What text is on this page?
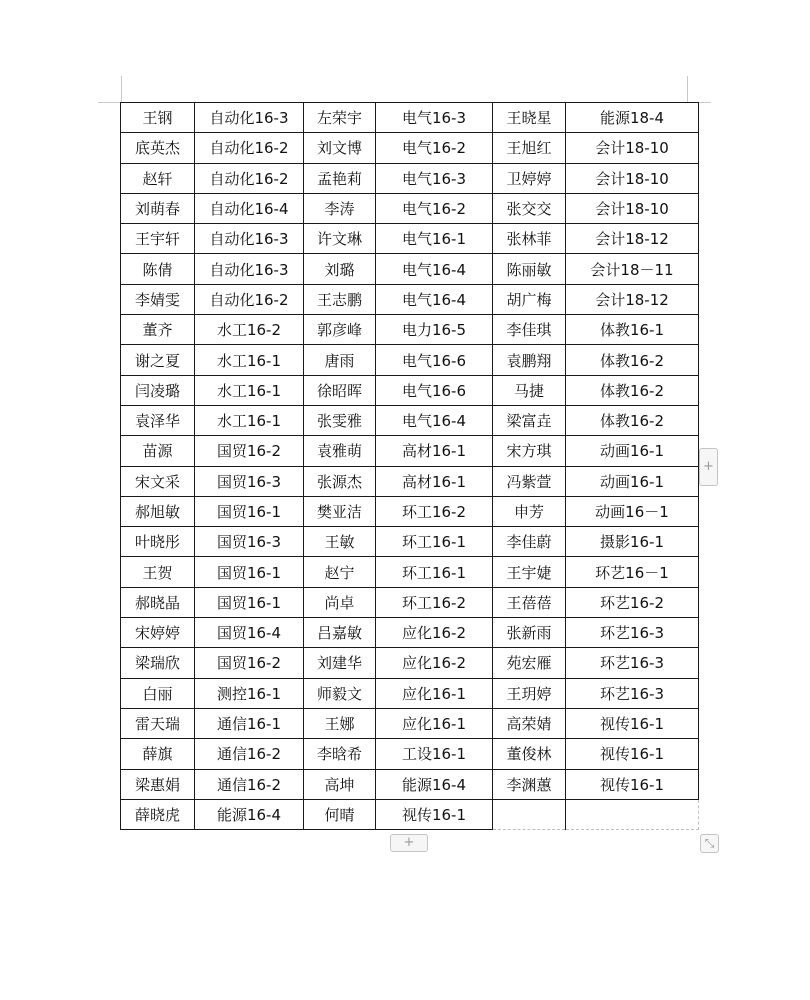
王钢	自动化16-3	左荣宇	电气16-3	王晓星	能源18-4
底英杰	自动化16-2	刘文博	电气16-2	王旭红	会计18-10
赵轩	自动化16-2	孟艳莉	电气16-3	卫婷婷	会计18-10
刘萌春	自动化16-4	李涛	电气16-2	张交交	会计18-10
王宇轩	自动化16-3	许文琳	电气16-1	张林菲	会计18-12
陈倩	自动化16-3	刘璐	电气16-4	陈丽敏	会计18－11
李婧雯	自动化16-2	王志鹏	电气16-4	胡广梅	会计18-12
董齐	水工16-2	郭彦峰	电力16-5	李佳琪	体教16-1
谢之夏	水工16-1	唐雨	电气16-6	袁鹏翔	体教16-2
闫凌璐	水工16-1	徐昭晖	电气16-6	马捷	体教16-2
袁泽华	水工16-1	张雯雅	电气16-4	梁富垚	体教16-2
苗源	国贸16-2	袁雅萌	高材16-1	宋方琪	动画16-1
宋文采	国贸16-3	张源杰	高材16-1	冯紫萱	动画16-1
郝旭敏	国贸16-1	樊亚洁	环工16-2	申芳	动画16－1
叶晓彤	国贸16-3	王敏	环工16-1	李佳蔚	摄影16-1
王贺	国贸16-1	赵宁	环工16-1	王宇婕	环艺16－1
郝晓晶	国贸16-1	尚卓	环工16-2	王蓓蓓	环艺16-2
宋婷婷	国贸16-4	吕嘉敏	应化16-2	张新雨	环艺16-3
梁瑞欣	国贸16-2	刘建华	应化16-2	苑宏雁	环艺16-3
白丽	测控16-1	师毅文	应化16-1	王玥婷	环艺16-3
雷天瑞	通信16-1	王娜	应化16-1	高荣婧	视传16-1
薛旗	通信16-2	李晗希	工设16-1	董俊林	视传16-1
梁惠娟	通信16-2	高坤	能源16-4	李渊蕙	视传16-1
薛晓虎	能源16-4	何晴	视传16-1		
+
+	⤡
